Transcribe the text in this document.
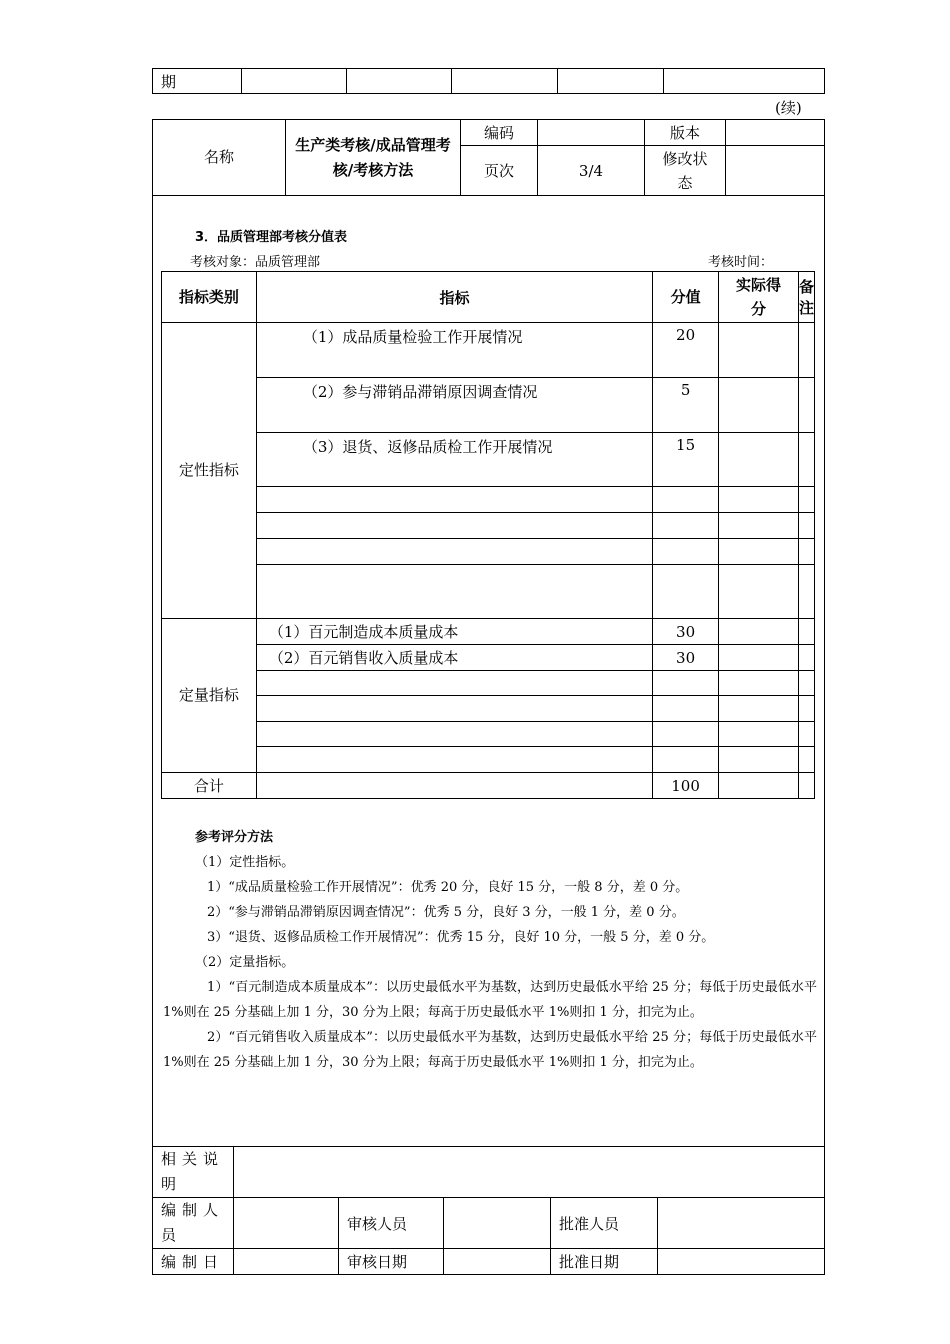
期					
(续)
名称	生产类考核/成品管理考核/考核方法	编码		版本	
		页次	3/4	修改状态	
3．品质管理部考核分值表
考核对象：品质管理部	考核时间：
指标类别	指标	分值	实际得分	备注
定性指标	（1）成品质量检验工作开展情况	20		
	（2）参与滞销品滞销原因调查情况	5		
	（3）退货、返修品质检工作开展情况	15		

定量指标	（1）百元制造成本质量成本	30		
	（2）百元销售收入质量成本	30		

合计		100		

参考评分方法

（1）定性指标。

1）“成品质量检验工作开展情况”：优秀 20 分，良好 15 分，一般 8 分，差 0 分。

2）“参与滞销品滞销原因调查情况”：优秀 5 分，良好 3 分，一般 1 分，差 0 分。

3）“退货、返修品质检工作开展情况”：优秀 15 分，良好 10 分，一般 5 分，差 0 分。

（2）定量指标。

1）“百元制造成本质量成本”：以历史最低水平为基数，达到历史最低水平给 25 分；每低于历史最低水平 1%则在 25 分基础上加 1 分，30 分为上限；每高于历史最低水平 1%则扣 1 分，扣完为止。

2）“百元销售收入质量成本”：以历史最低水平为基数，达到历史最低水平给 25 分；每低于历史最低水平 1%则在 25 分基础上加 1 分，30 分为上限；每高于历史最低水平 1%则扣 1 分，扣完为止。

相关说明					
编制人员		审核人员		批准人员	
编制日		审核日期		批准日期	
